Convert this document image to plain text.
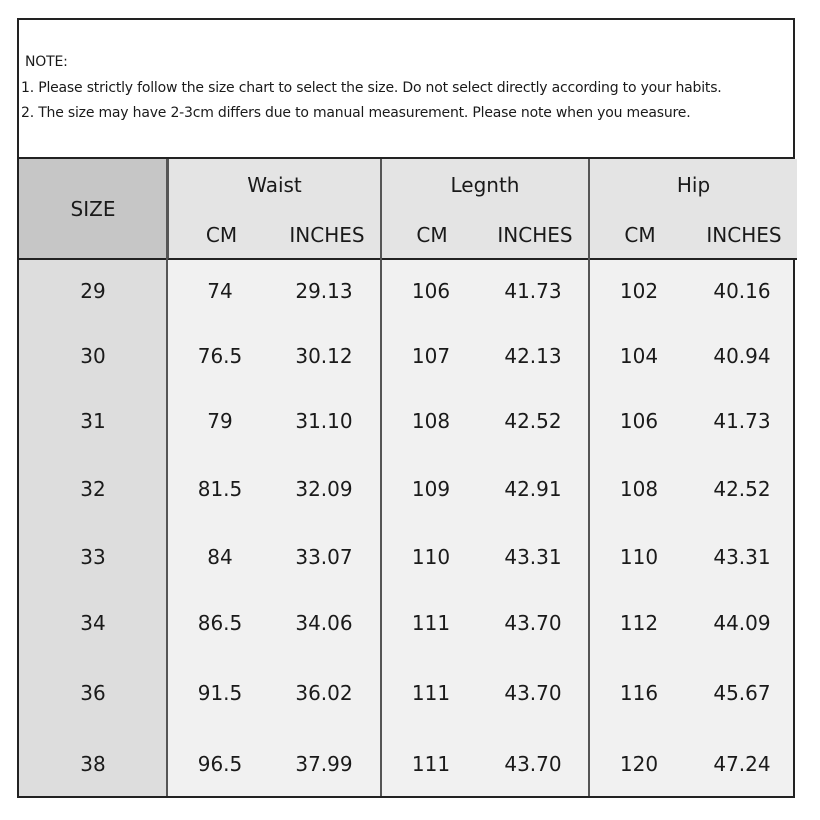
NOTE:
1. Please strictly follow the size chart to select the size. Do not select directly according to your habits.
2. The size may have 2-3cm differs due to manual measurement. Please note when you measure.
SIZE
Waist
CM	INCHES
Legnth
CM	INCHES
Hip
CM	INCHES
29	74	29.13	106	41.73	102	40.16
30	76.5	30.12	107	42.13	104	40.94
31	79	31.10	108	42.52	106	41.73
32	81.5	32.09	109	42.91	108	42.52
33	84	33.07	110	43.31	110	43.31
34	86.5	34.06	111	43.70	112	44.09
36	91.5	36.02	111	43.70	116	45.67
38	96.5	37.99	111	43.70	120	47.24
